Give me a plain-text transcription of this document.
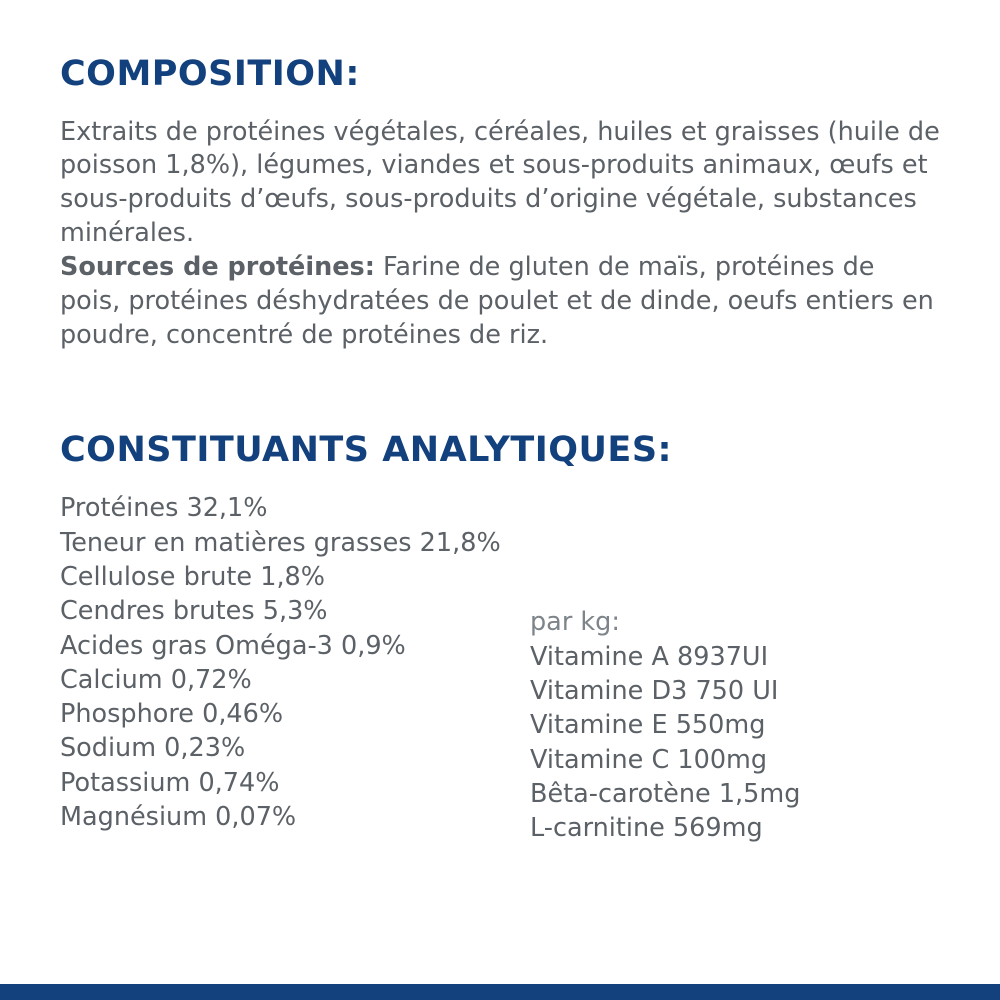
COMPOSITION:

Extraits de protéines végétales, céréales, huiles et graisses (huile de poisson 1,8%), légumes, viandes et sous-produits animaux, œufs et sous-produits d’œufs, sous-produits d’origine végétale, substances minérales.

Sources de protéines: Farine de gluten de maïs, protéines de pois, protéines déshydratées de poulet et de dinde, oeufs entiers en poudre, concentré de protéines de riz.

CONSTITUANTS ANALYTIQUES:
Protéines 32,1%
Teneur en matières grasses 21,8%
Cellulose brute 1,8%
Cendres brutes 5,3%
Acides gras Oméga-3 0,9%
Calcium 0,72%
Phosphore 0,46%
Sodium 0,23%
Potassium 0,74%
Magnésium 0,07%
par kg:
Vitamine A 8937UI
Vitamine D3 750 UI
Vitamine E 550mg
Vitamine C 100mg
Bêta-carotène 1,5mg
L-carnitine 569mg
